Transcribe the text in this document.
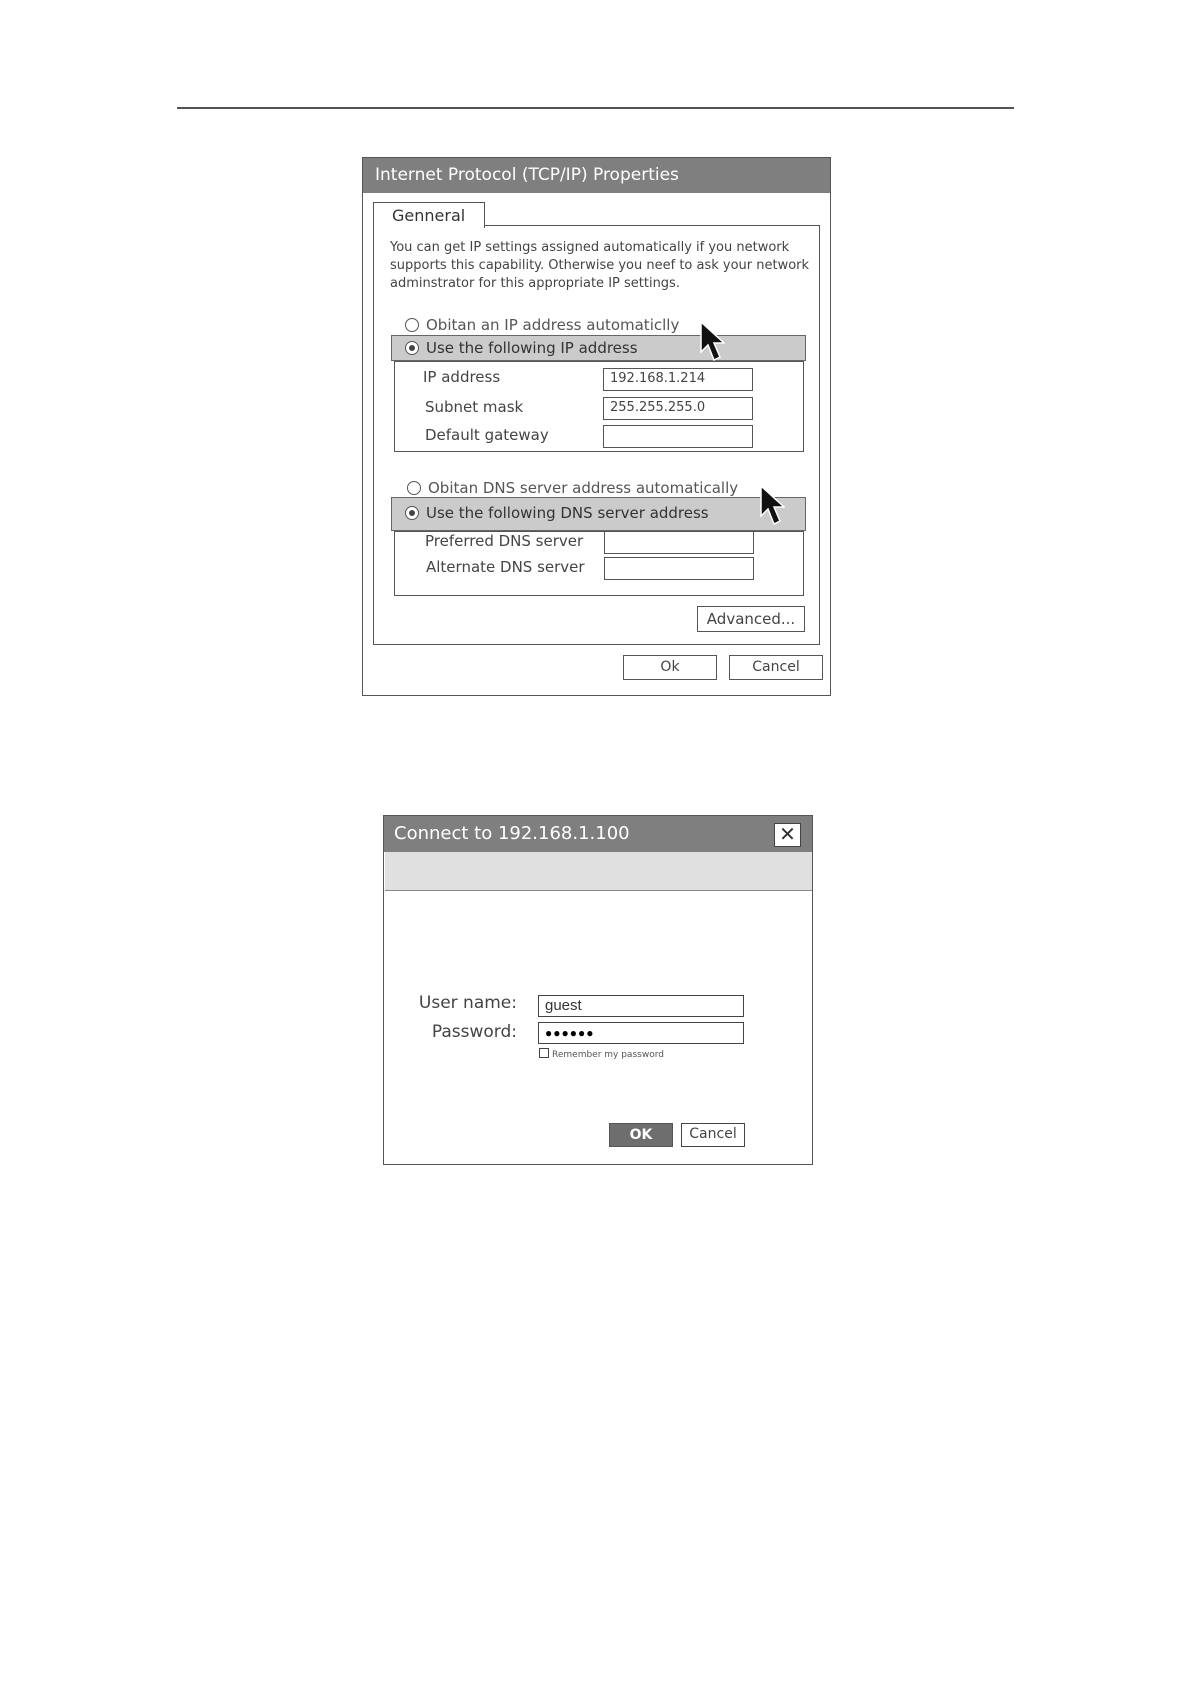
Internet Protocol (TCP/IP) Properties
Genneral
You can get IP settings assigned automatically if you network supports this capability. Otherwise you neef to ask your network adminstrator for this appropriate IP settings.
Obitan an IP address automaticlly
Use the following IP address
IP address	192.168.1.214
Subnet mask	255.255.255.0
Default gateway
Obitan DNS server address automatically
Use the following DNS server address
Preferred DNS server
Alternate DNS server
Advanced...
Ok	Cancel
Connect to 192.168.1.100	✕
User name:	guest
Password:	●●●●●●
Remember my password
OK	Cancel
